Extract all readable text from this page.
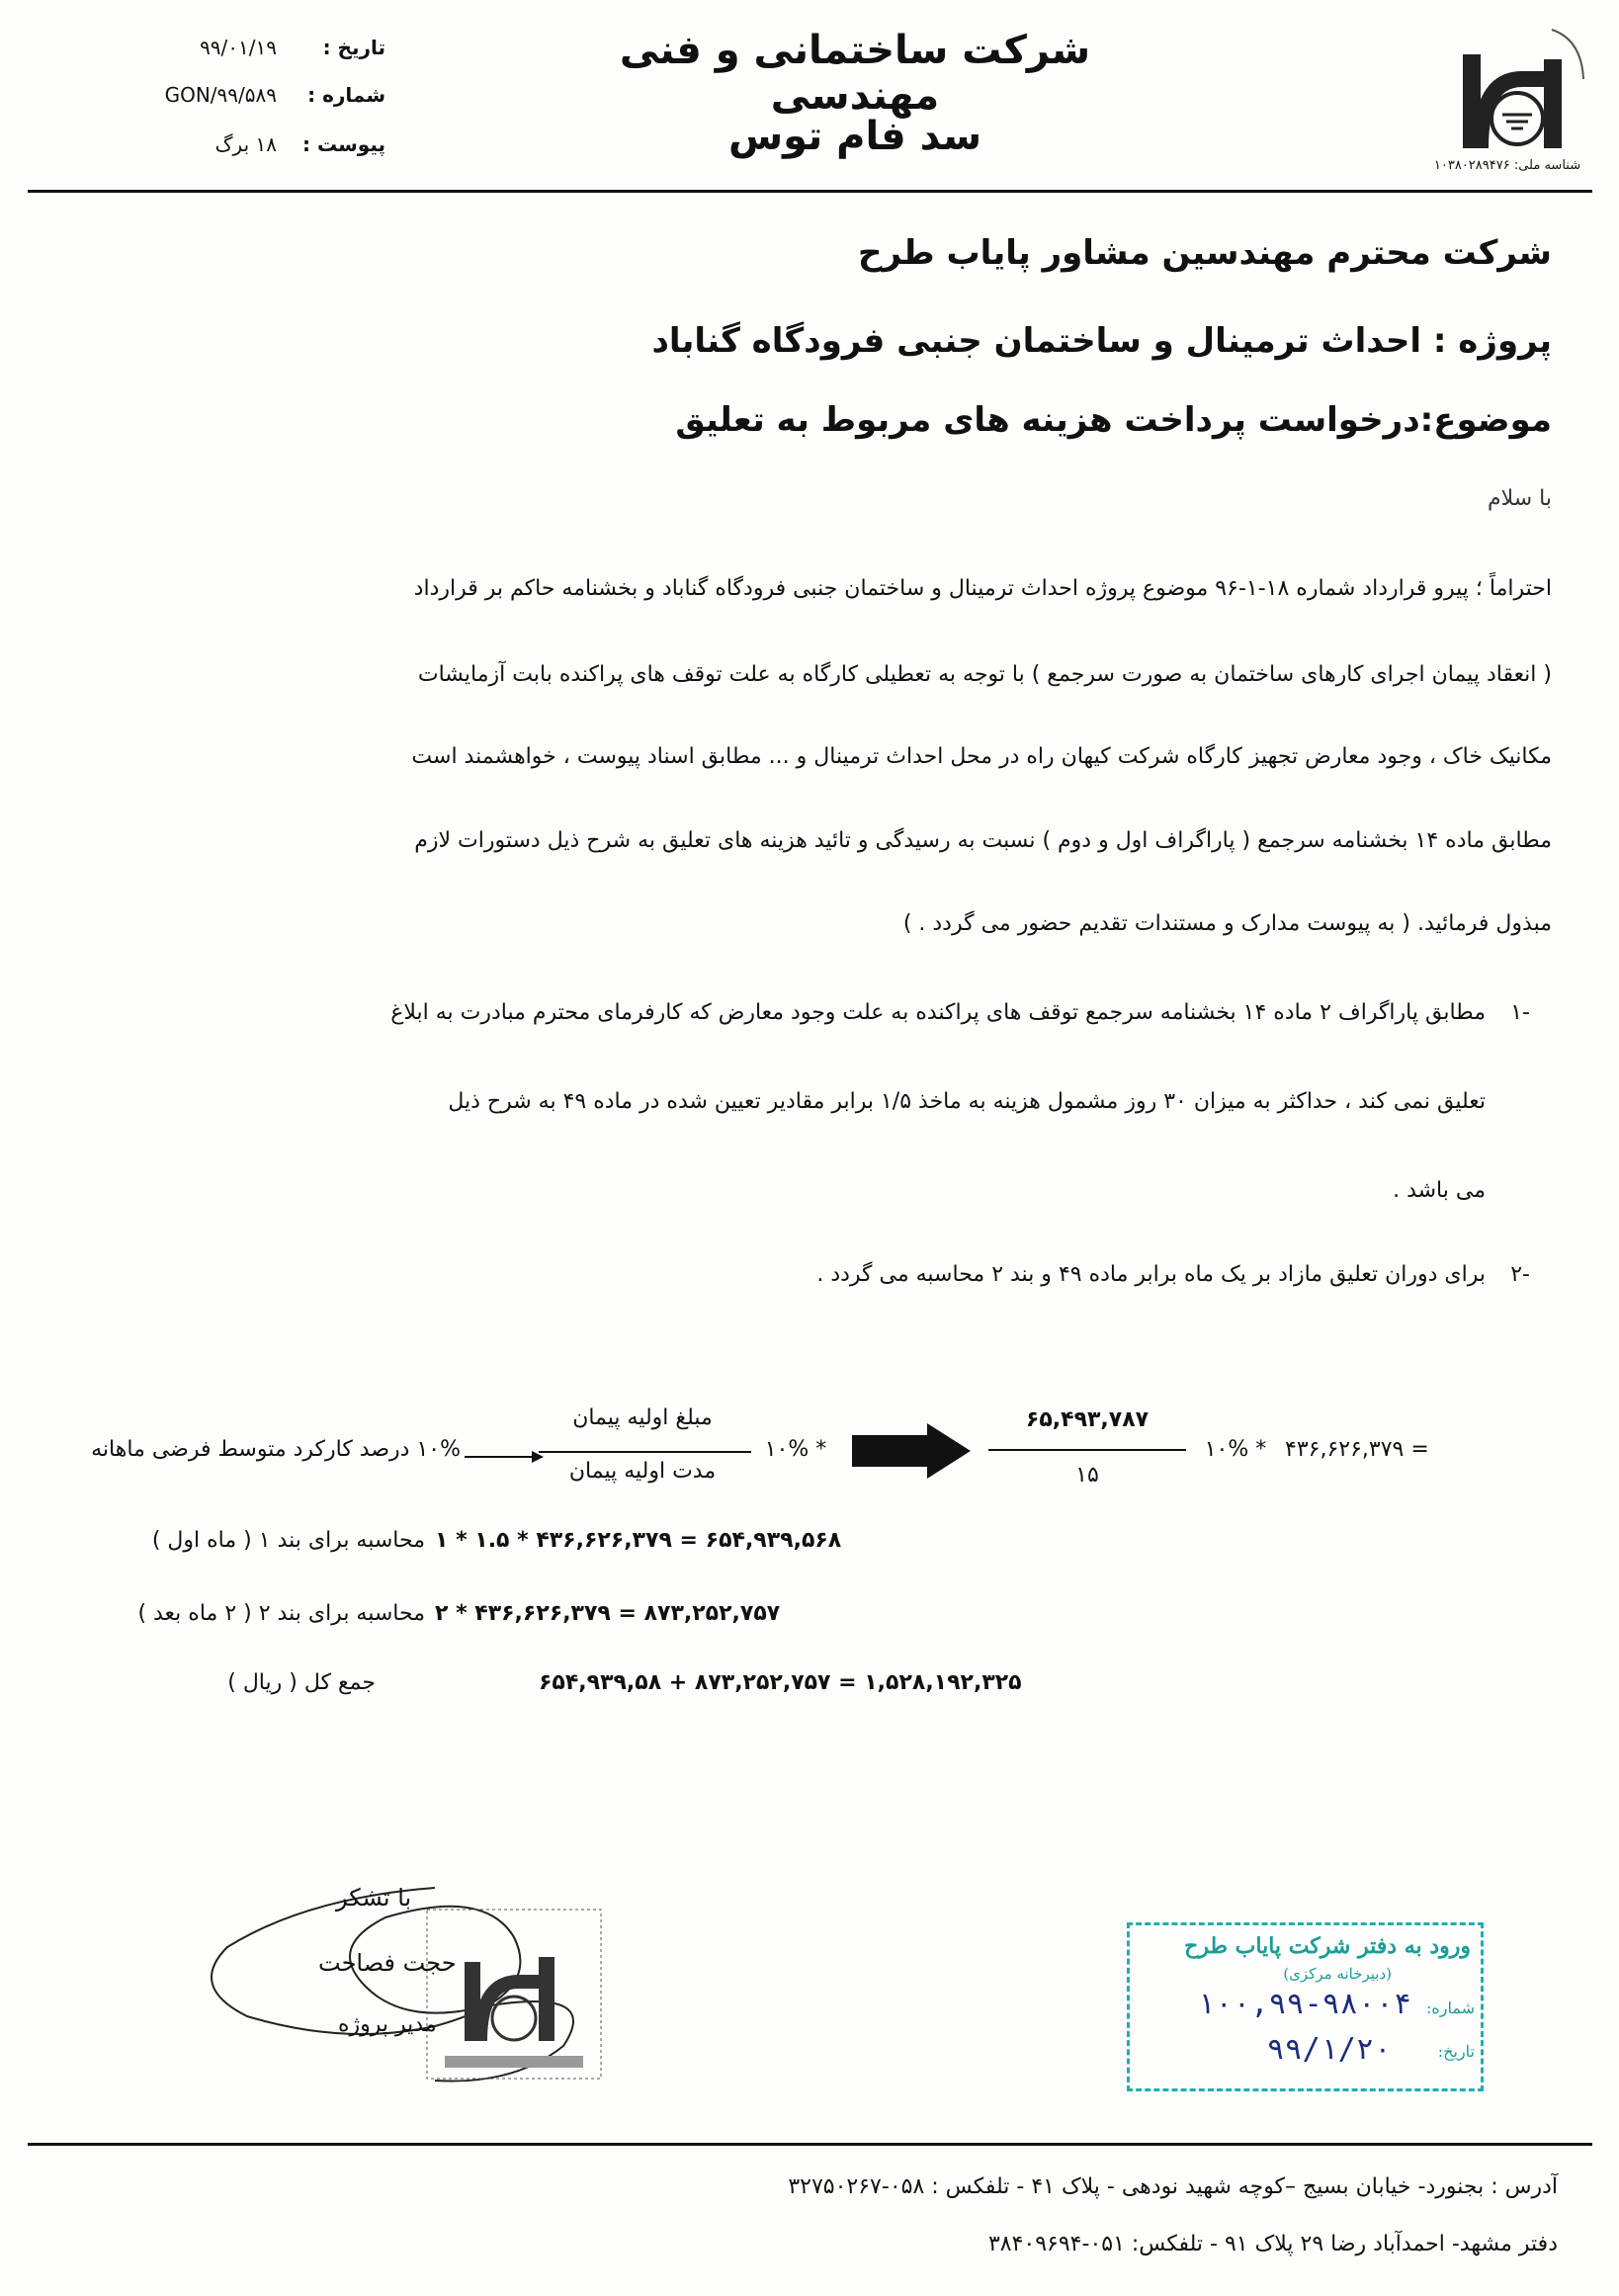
شناسه ملی: ۱۰۳۸۰۲۸۹۴۷۶
شرکت ساختمانی و فنی مهندسی
سد فام توس
تاریخ :
۹۹/۰۱/۱۹
شماره :
GON/۹۹/۵۸۹
پیوست :
۱۸ برگ
شرکت محترم مهندسین مشاور پایاب طرح
پروژه : احداث ترمینال و ساختمان جنبی فرودگاه گناباد
موضوع:درخواست پرداخت هزینه های مربوط به تعلیق
با سلام
احتراماً ؛ پیرو قرارداد شماره ۱۸-۱-۹۶ موضوع پروژه احداث ترمینال و ساختمان جنبی فرودگاه گناباد و بخشنامه حاکم بر قرارداد
( انعقاد پیمان اجرای کارهای ساختمان به صورت سرجمع ) با توجه به تعطیلی کارگاه به علت توقف های پراکنده بابت آزمایشات
مکانیک خاک ، وجود معارض تجهیز کارگاه شرکت کیهان راه در محل احداث ترمینال و ... مطابق اسناد پیوست ، خواهشمند است
مطابق ماده ۱۴ بخشنامه سرجمع ( پاراگراف اول و دوم ) نسبت به رسیدگی و تائید هزینه های تعلیق به شرح ذیل دستورات لازم
مبذول فرمائید. ( به پیوست مدارک و مستندات تقدیم حضور می گردد . )
-۱
مطابق پاراگراف ۲ ماده ۱۴ بخشنامه سرجمع توقف های پراکنده به علت وجود معارض که کارفرمای محترم مبادرت به ابلاغ
تعلیق نمی کند ، حداکثر به میزان ۳۰ روز مشمول هزینه به ماخذ ۱/۵ برابر مقادیر تعیین شده در ماده ۴۹ به شرح ذیل
می باشد .
-۲
برای دوران تعلیق مازاد بر یک ماه برابر ماده ۴۹ و بند ۲ محاسبه می گردد .
۱۰% درصد کارکرد متوسط فرضی ماهانه
مبلغ اولیه پیمان
مدت اولیه پیمان
* ۱۰%
۶۵,۴۹۳,۷۸۷
۱۵
* ۱۰% = ۴۳۶,۶۲۶,۳۷۹
محاسبه برای بند ۱ ( ماه اول ) ۶۵۴,۹۳۹,۵۶۸ = ۴۳۶,۶۲۶,۳۷۹ * ۱.۵ * ۱
محاسبه برای بند ۲ ( ۲ ماه بعد ) ۸۷۳,۲۵۲,۷۵۷ = ۴۳۶,۶۲۶,۳۷۹ * ۲
جمع کل ( ریال )	۱,۵۲۸,۱۹۲,۳۲۵ = ۸۷۳,۲۵۲,۷۵۷ + ۶۵۴,۹۳۹,۵۸
با تشکر
حجت فصاحت
مدیر پروژه
ورود به دفتر شرکت پایاب طرح
(دبیرخانه مرکزی)
شماره:
۱۰۰,۹۹-۹۸۰۰۴
تاریخ:
۹۹/۱/۲۰
آدرس : بجنورد- خیابان بسیج –کوچه شهید نودهی - پلاک ۴۱ - تلفکس : ۰۵۸-۳۲۷۵۰۲۶۷
دفتر مشهد- احمدآباد رضا ۲۹ پلاک ۹۱ - تلفکس: ۰۵۱-۳۸۴۰۹۶۹۴
